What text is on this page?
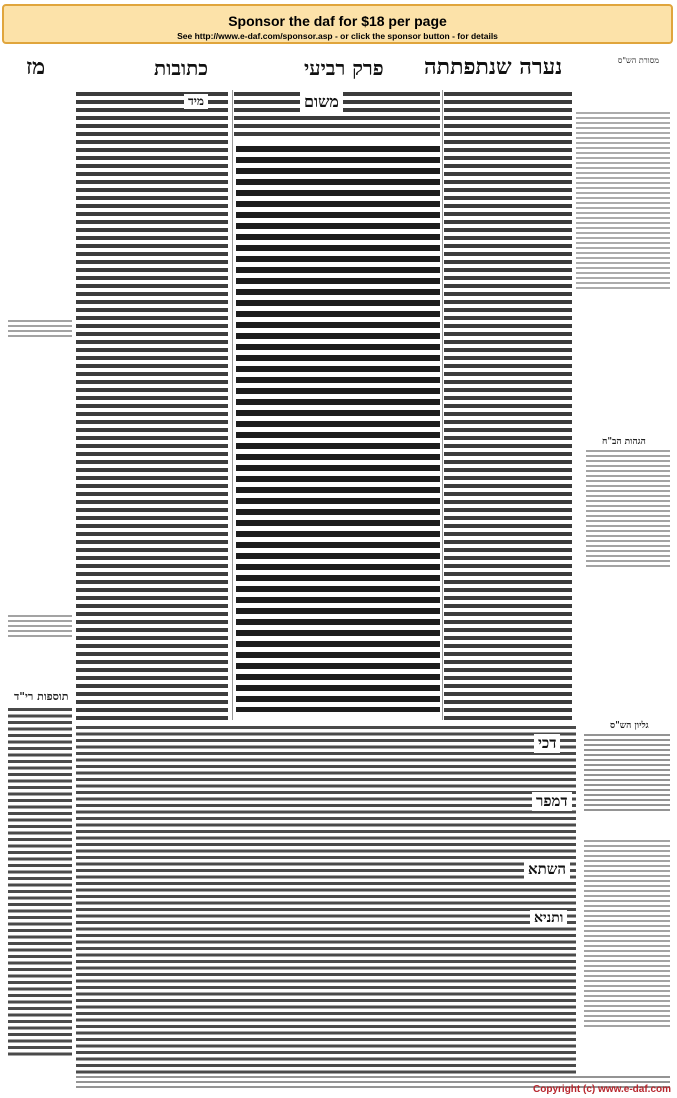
Sponsor the daf for $18 per page
See http://www.e-daf.com/sponsor.asp - or click the sponsor button - for details
מז	כתובות	פרק רביעי נערה שנתפתתה	מסורת הש"ס
מיד	משום
הגהות הב"ח
תוספות רי"ד
גליון הש"ס
דכי
דמפר
השתא
ותניא
Copyright (c) www.e-daf.com
